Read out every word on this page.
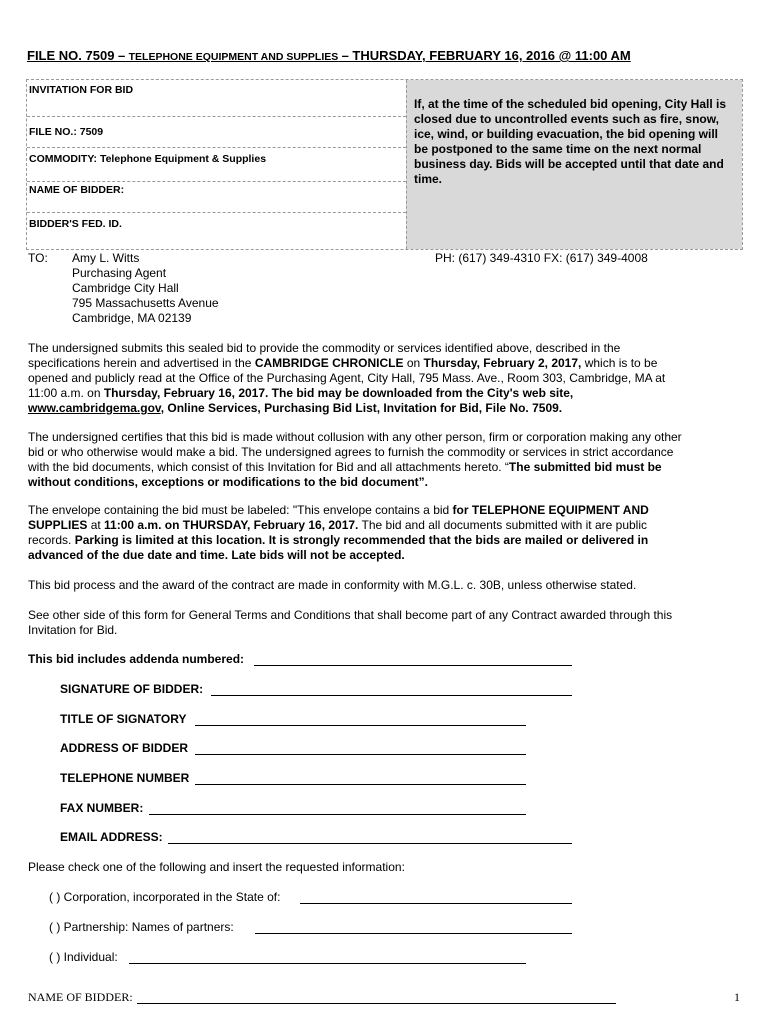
FILE NO. 7509 – TELEPHONE EQUIPMENT AND SUPPLIES – THURSDAY, FEBRUARY 16, 2016 @ 11:00 AM
INVITATION FOR BID
FILE NO.: 7509
COMMODITY: Telephone Equipment & Supplies
NAME OF BIDDER:
BIDDER'S FED. ID.
If, at the time of the scheduled bid opening, City Hall is closed due to uncontrolled events such as fire, snow, ice, wind, or building evacuation, the bid opening will be postponed to the same time on the next normal business day. Bids will be accepted until that date and time.
TO: Amy L. Witts
Purchasing Agent
Cambridge City Hall
795 Massachusetts Avenue
Cambridge, MA 02139
PH: (617) 349-4310 FX: (617) 349-4008
The undersigned submits this sealed bid to provide the commodity or services identified above, described in the specifications herein and advertised in the CAMBRIDGE CHRONICLE on Thursday, February 2, 2017, which is to be opened and publicly read at the Office of the Purchasing Agent, City Hall, 795 Mass. Ave., Room 303, Cambridge, MA at 11:00 a.m. on Thursday, February 16, 2017. The bid may be downloaded from the City's web site, www.cambridgema.gov, Online Services, Purchasing Bid List, Invitation for Bid, File No. 7509.
The undersigned certifies that this bid is made without collusion with any other person, firm or corporation making any other bid or who otherwise would make a bid. The undersigned agrees to furnish the commodity or services in strict accordance with the bid documents, which consist of this Invitation for Bid and all attachments hereto. “The submitted bid must be without conditions, exceptions or modifications to the bid document”.
The envelope containing the bid must be labeled: "This envelope contains a bid for TELEPHONE EQUIPMENT AND SUPPLIES at 11:00 a.m. on THURSDAY, February 16, 2017. The bid and all documents submitted with it are public records. Parking is limited at this location. It is strongly recommended that the bids are mailed or delivered in advanced of the due date and time. Late bids will not be accepted.
This bid process and the award of the contract are made in conformity with M.G.L. c. 30B, unless otherwise stated.
See other side of this form for General Terms and Conditions that shall become part of any Contract awarded through this Invitation for Bid.
This bid includes addenda numbered:
SIGNATURE OF BIDDER:
TITLE OF SIGNATORY
ADDRESS OF BIDDER
TELEPHONE NUMBER
FAX NUMBER:
EMAIL ADDRESS:
Please check one of the following and insert the requested information:
( ) Corporation, incorporated in the State of:
( ) Partnership: Names of partners:
( ) Individual:
NAME OF BIDDER:	1
